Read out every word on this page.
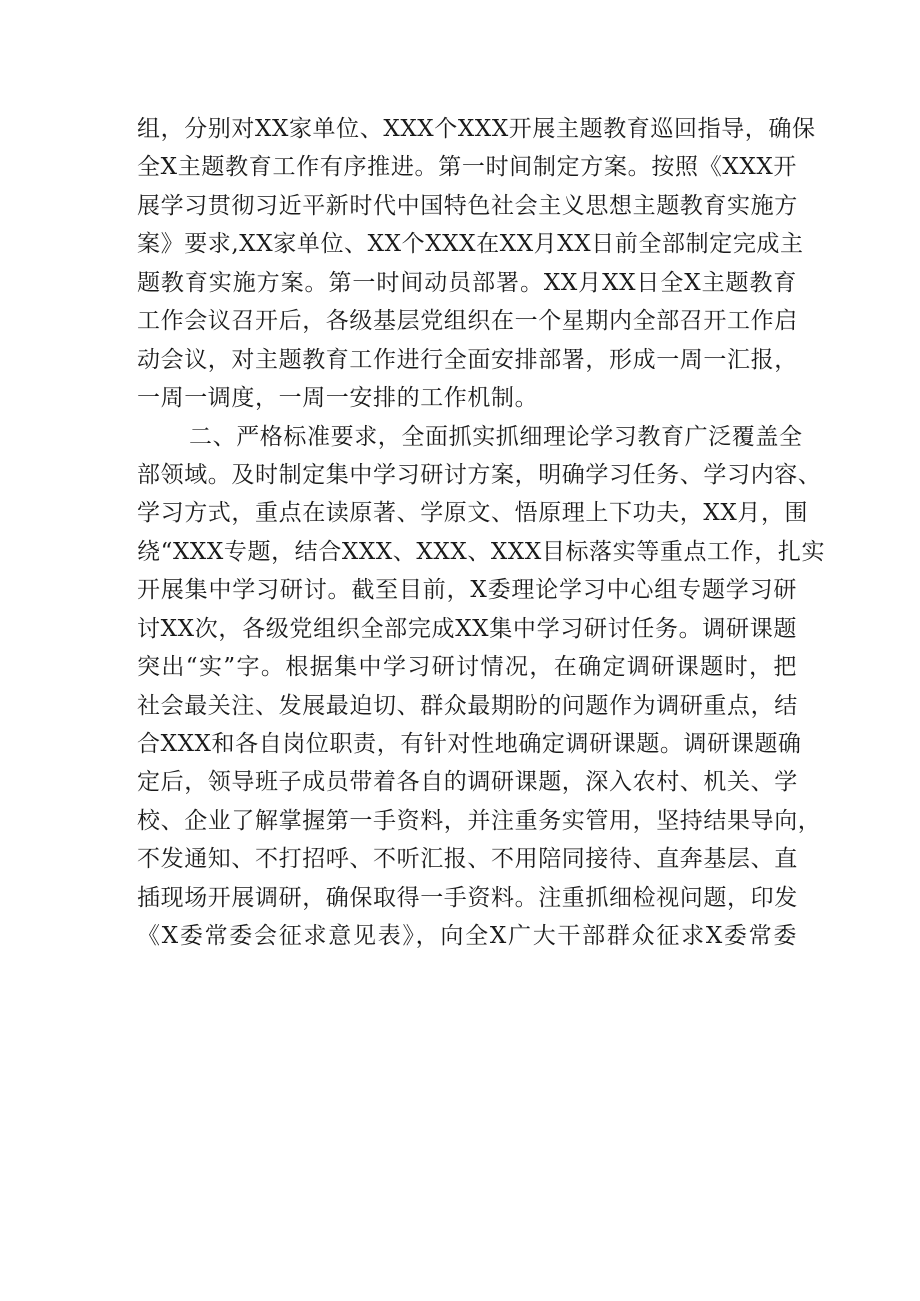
组，分别对XX家单位、XXX个XXX开展主题教育巡回指导，确保
全X主题教育工作有序推进。第一时间制定方案。按照《XXX开
展学习贯彻习近平新时代中国特色社会主义思想主题教育实施方
案》要求,XX家单位、XX个XXX在XX月XX日前全部制定完成主
题教育实施方案。第一时间动员部署。XX月XX日全X主题教育
工作会议召开后，各级基层党组织在一个星期内全部召开工作启
动会议，对主题教育工作进行全面安排部署，形成一周一汇报，
一周一调度，一周一安排的工作机制。
二、严格标准要求，全面抓实抓细理论学习教育广泛覆盖全
部领域。及时制定集中学习研讨方案，明确学习任务、学习内容、
学习方式，重点在读原著、学原文、悟原理上下功夫，XX月，围
绕“XXX专题，结合XXX、XXX、XXX目标落实等重点工作，扎实
开展集中学习研讨。截至目前，X委理论学习中心组专题学习研
讨XX次，各级党组织全部完成XX集中学习研讨任务。调研课题
突出“实”字。根据集中学习研讨情况，在确定调研课题时，把
社会最关注、发展最迫切、群众最期盼的问题作为调研重点，结
合XXX和各自岗位职责，有针对性地确定调研课题。调研课题确
定后，领导班子成员带着各自的调研课题，深入农村、机关、学
校、企业了解掌握第一手资料，并注重务实管用，坚持结果导向，
不发通知、不打招呼、不听汇报、不用陪同接待、直奔基层、直
插现场开展调研，确保取得一手资料。注重抓细检视问题，印发
《X委常委会征求意见表》，向全X广大干部群众征求X委常委
